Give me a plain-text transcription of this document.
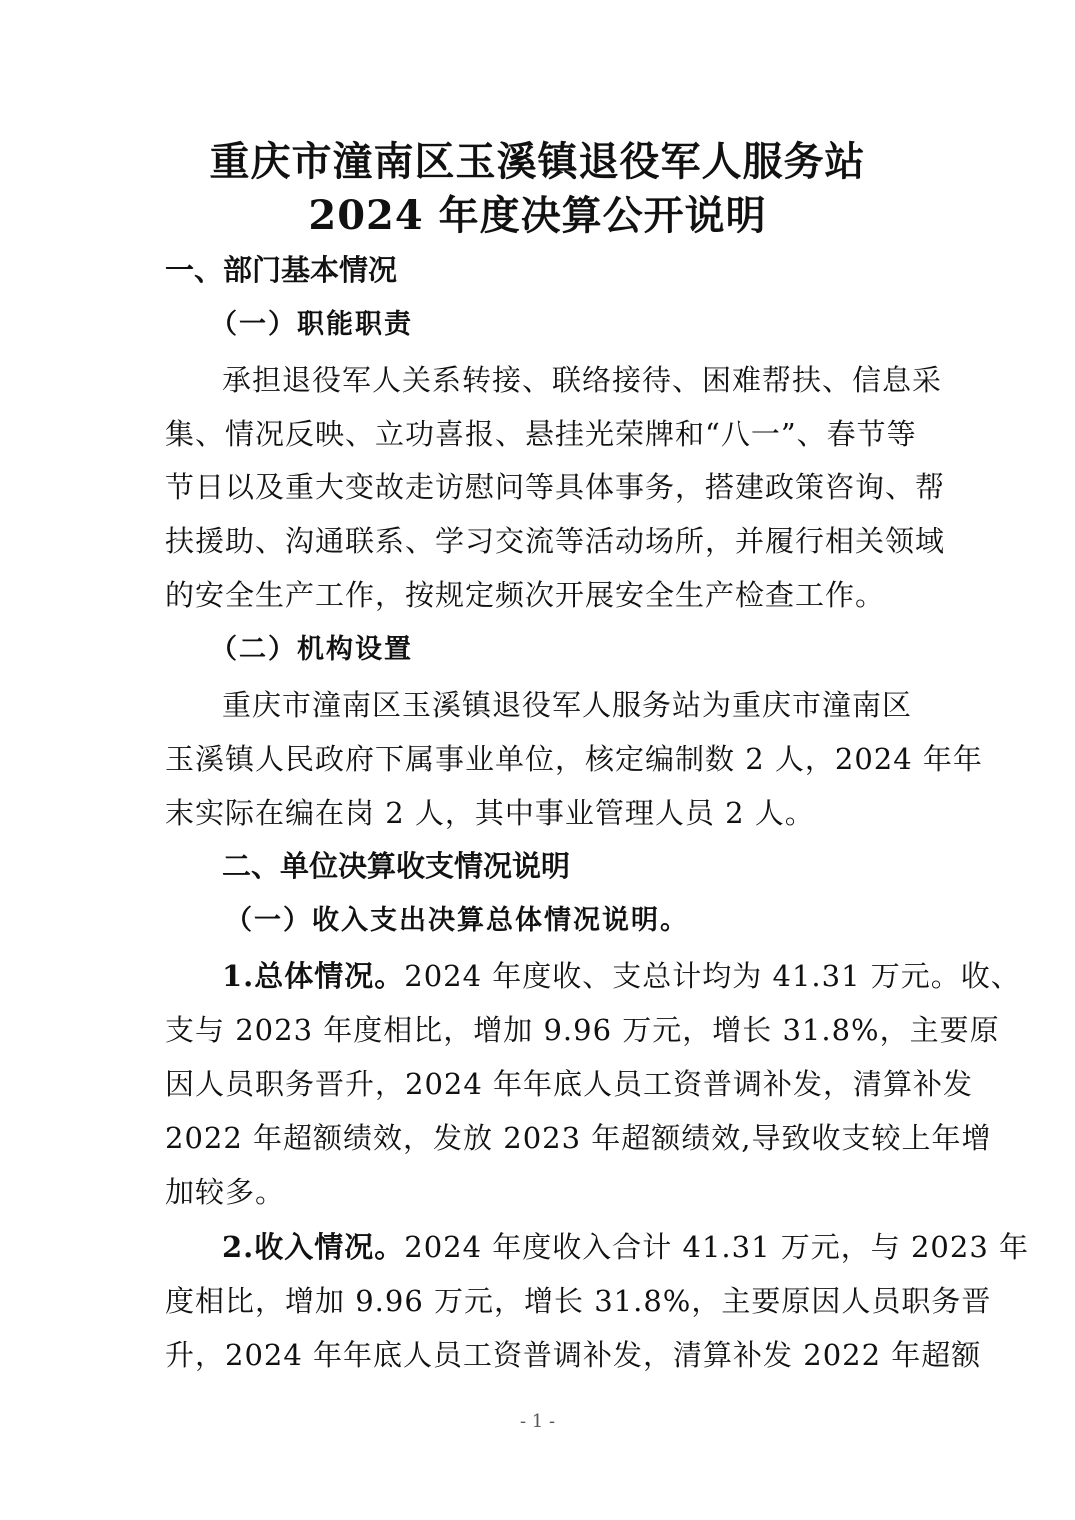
重庆市潼南区玉溪镇退役军人服务站
2024 年度决算公开说明
一、部门基本情况
（一）职能职责
承担退役军人关系转接、联络接待、困难帮扶、信息采
集、情况反映、立功喜报、悬挂光荣牌和“八一”、春节等
节日以及重大变故走访慰问等具体事务，搭建政策咨询、帮
扶援助、沟通联系、学习交流等活动场所，并履行相关领域
的安全生产工作，按规定频次开展安全生产检查工作。
（二）机构设置
重庆市潼南区玉溪镇退役军人服务站为重庆市潼南区
玉溪镇人民政府下属事业单位，核定编制数 2 人，2024 年年
末实际在编在岗 2 人，其中事业管理人员 2 人。
二、单位决算收支情况说明
（一）收入支出决算总体情况说明。
1.总体情况。2024 年度收、支总计均为 41.31 万元。收、
支与 2023 年度相比，增加 9.96 万元，增长 31.8%，主要原
因人员职务晋升，2024 年年底人员工资普调补发，清算补发
2022 年超额绩效，发放 2023 年超额绩效,导致收支较上年增
加较多。
2.收入情况。2024 年度收入合计 41.31 万元，与 2023 年
度相比，增加 9.96 万元，增长 31.8%，主要原因人员职务晋
升，2024 年年底人员工资普调补发，清算补发 2022 年超额
- 1 -
